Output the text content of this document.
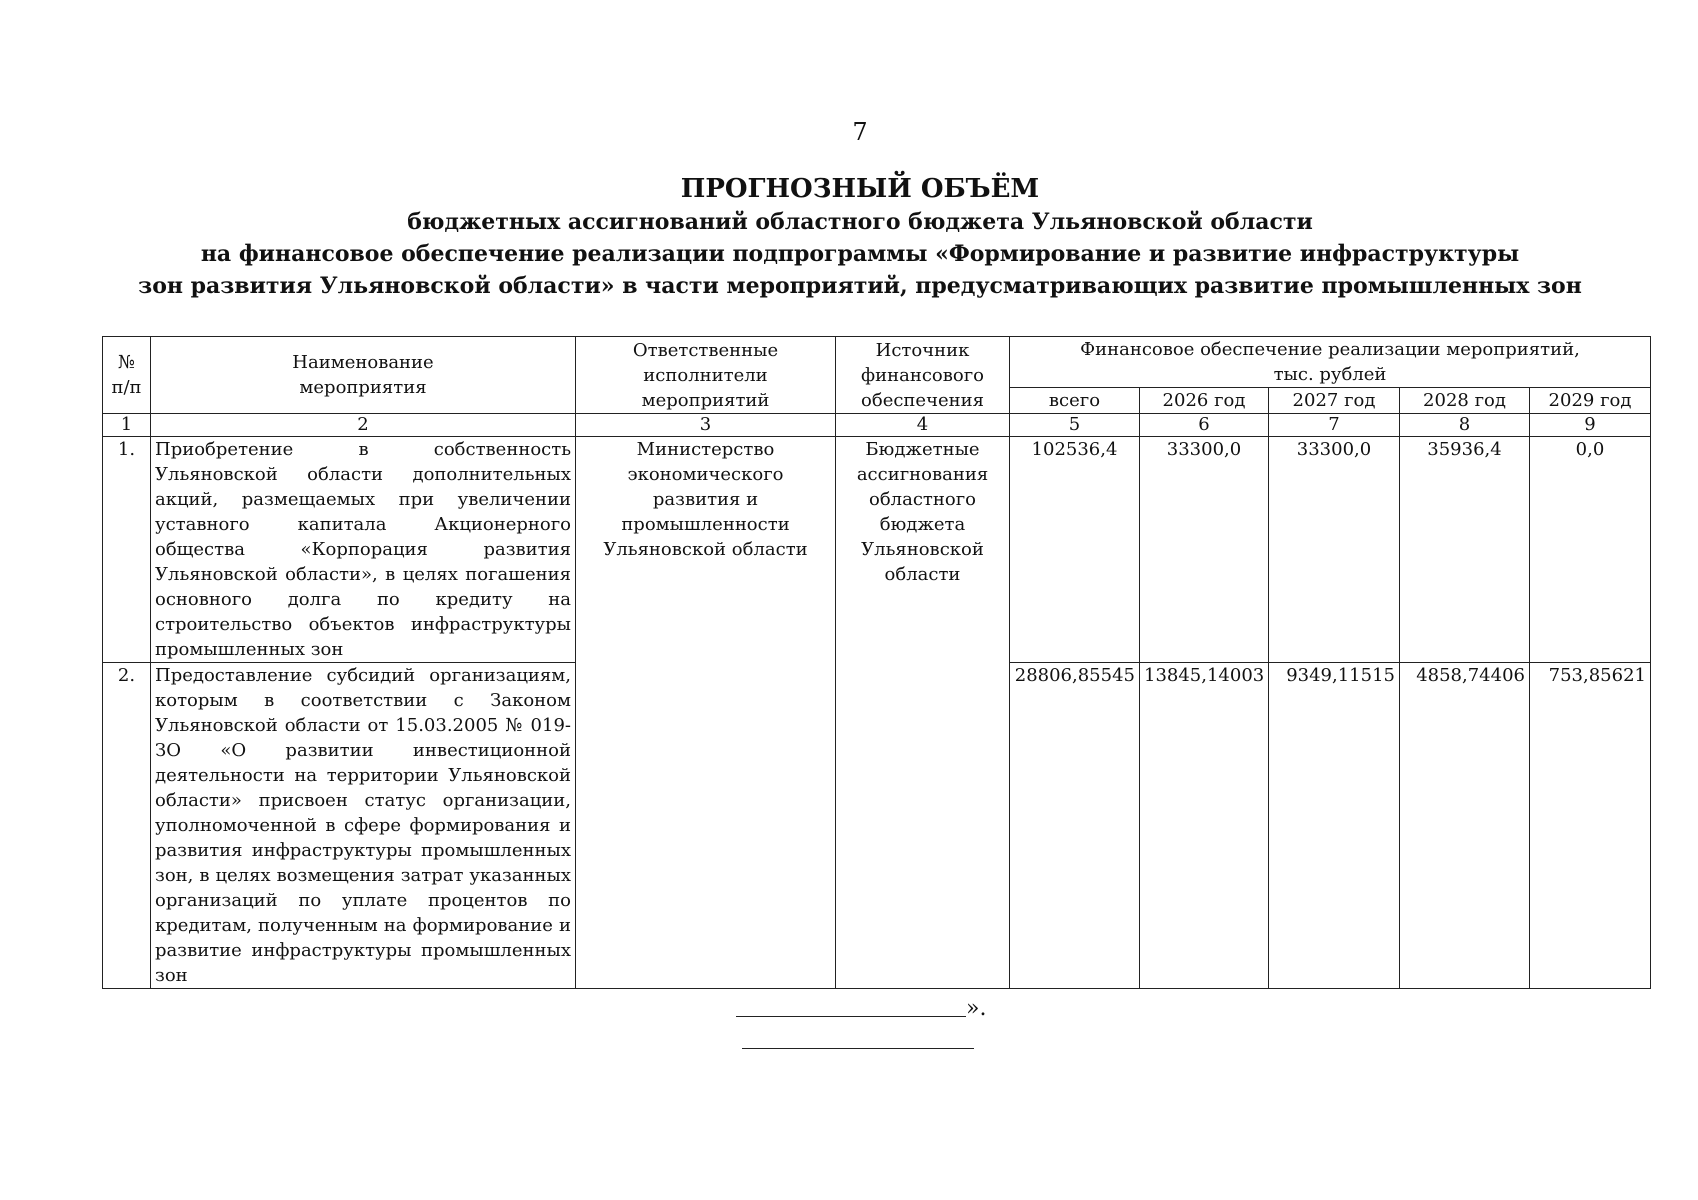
7
ПРОГНОЗНЫЙ ОБЪЁМ
бюджетных ассигнований областного бюджета Ульяновской области
на финансовое обеспечение реализации подпрограммы «Формирование и развитие инфраструктуры
зон развития Ульяновской области» в части мероприятий, предусматривающих развитие промышленных зон
№ п/п	Наименование мероприятия	Ответственные исполнители мероприятий	Источник финансового обеспечения	Финансовое обеспечение реализации мероприятий, тыс. рублей				
				всего	2026 год	2027 год	2028 год	2029 год
1	2	3	4	5	6	7	8	9
1.	Приобретение в собственность Ульяновской области дополнительных акций, размещаемых при увеличении уставного капитала Акционерного общества «Корпорация развития Ульяновской области», в целях погашения основного долга по кредиту на строительство объектов инфраструктуры промышленных зон	Министерство экономического развития и промышленности Ульяновской области	Бюджетные ассигнования областного бюджета Ульяновской области	102536,4	33300,0	33300,0	35936,4	0,0
2.	Предоставление субсидий организациям, которым в соответствии с Законом Ульяновской области от 15.03.2005 № 019-ЗО «О развитии инвестиционной деятельности на территории Ульяновской области» присвоен статус организации, уполномоченной в сфере формирования и развития инфраструктуры промышленных зон, в целях возмещения затрат указанных организаций по уплате процентов по кредитам, полученным на формирование и развитие инфраструктуры промышленных зон			28806,85545	13845,14003	9349,11515	4858,74406	753,85621
».
